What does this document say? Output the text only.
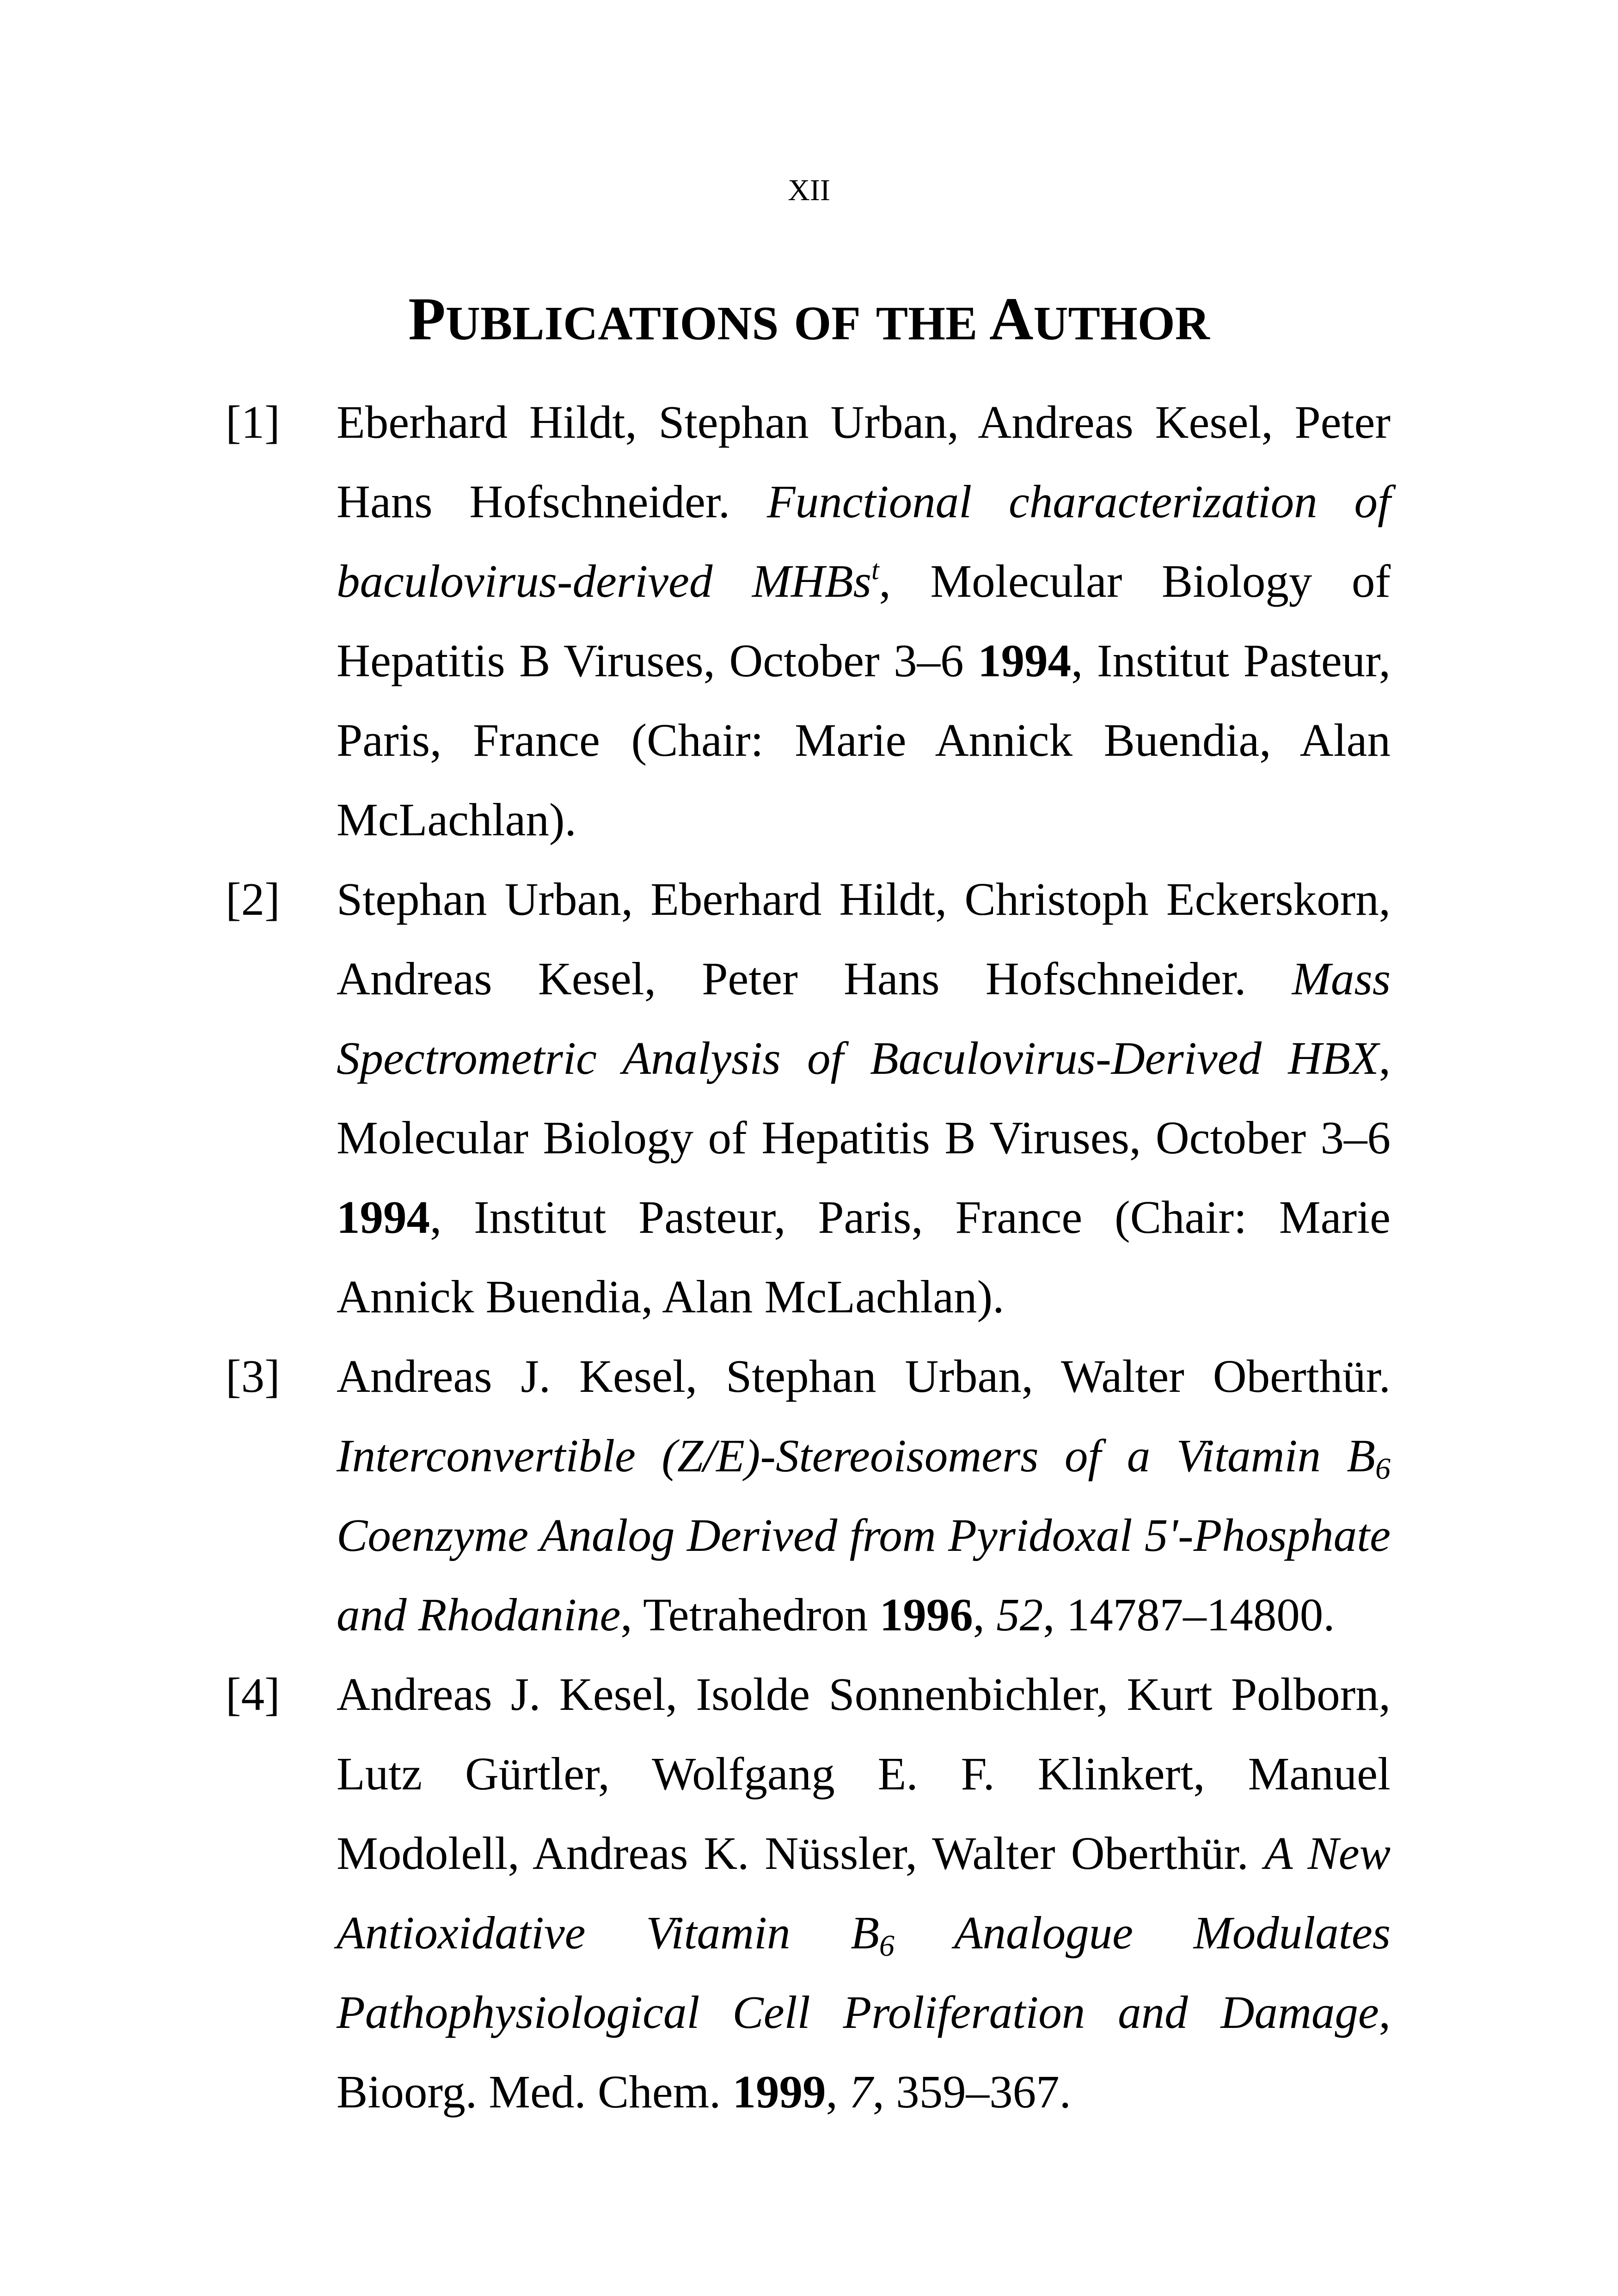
XII
PUBLICATIONS OF THE AUTHOR
[1] Eberhard Hildt, Stephan Urban, Andreas Kesel, Peter Hans Hofschneider. Functional characterization of baculovirus-derived MHBs$^t$, Molecular Biology of Hepatitis B Viruses, October 3–6 1994, Institut Pasteur, Paris, France (Chair: Marie Annick Buendia, Alan McLachlan).

[2] Stephan Urban, Eberhard Hildt, Christoph Eckerskorn, Andreas Kesel, Peter Hans Hofschneider. Mass Spectrometric Analysis of Baculovirus-Derived HBX, Molecular Biology of Hepatitis B Viruses, October 3–6 1994, Institut Pasteur, Paris, France (Chair: Marie Annick Buendia, Alan McLachlan).

[3] Andreas J. Kesel, Stephan Urban, Walter Oberthür. Interconvertible (Z/E)-Stereoisomers of a Vitamin $B_6$ Coenzyme Analog Derived from Pyridoxal 5'-Phosphate and Rhodanine, Tetrahedron 1996, 52, 14787–14800.

[4] Andreas J. Kesel, Isolde Sonnenbichler, Kurt Polborn, Lutz Gürtler, Wolfgang E. F. Klinkert, Manuel Modolell, Andreas K. Nüssler, Walter Oberthür. A New Antioxidative Vitamin $B_6$ Analogue Modulates Pathophysiological Cell Proliferation and Damage, Bioorg. Med. Chem. 1999, 7, 359–367.
